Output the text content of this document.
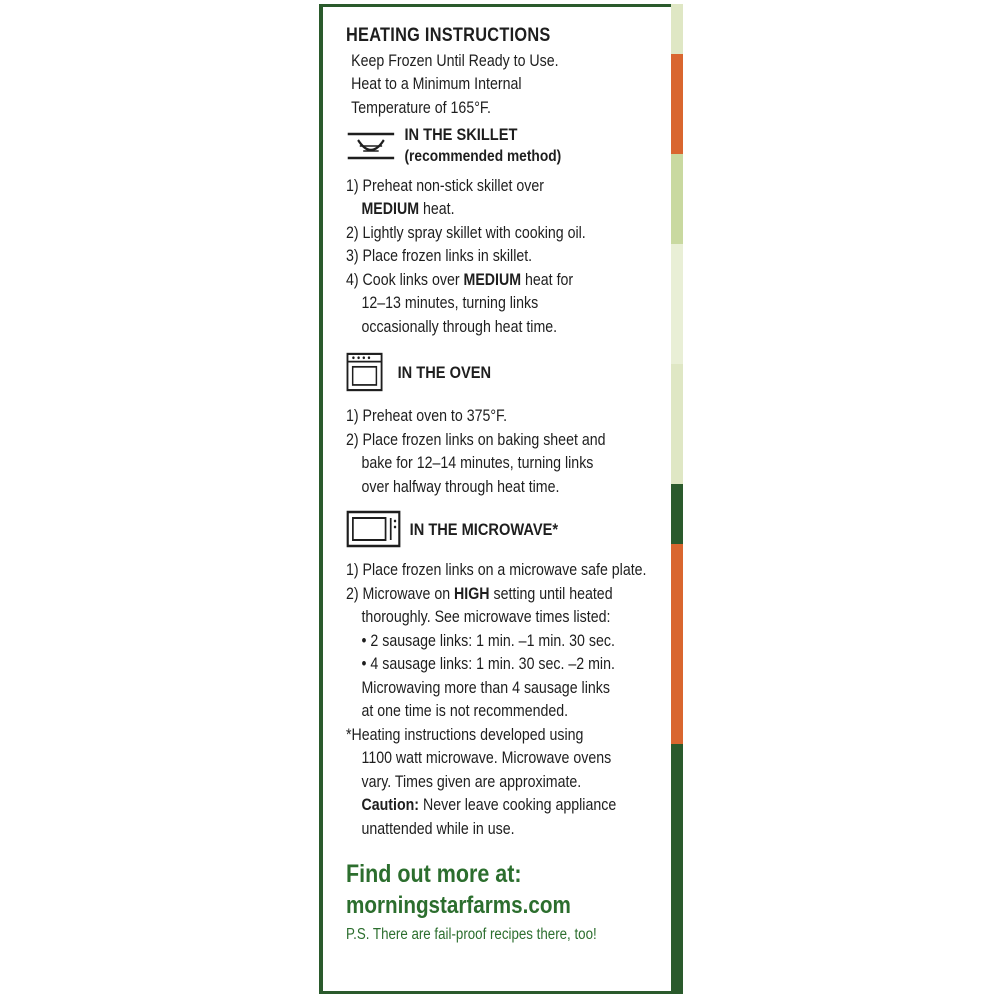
HEATING INSTRUCTIONS
Keep Frozen Until Ready to Use.
Heat to a Minimum Internal
Temperature of 165°F.
IN THE SKILLET
(recommended method)
1) Preheat non-stick skillet over
MEDIUM heat.
2) Lightly spray skillet with cooking oil.
3) Place frozen links in skillet.
4) Cook links over MEDIUM heat for
12–13 minutes, turning links
occasionally through heat time.
IN THE OVEN
1) Preheat oven to 375°F.
2) Place frozen links on baking sheet and
bake for 12–14 minutes, turning links
over halfway through heat time.
IN THE MICROWAVE*
1) Place frozen links on a microwave safe plate.
2) Microwave on HIGH setting until heated
thoroughly. See microwave times listed:
• 2 sausage links: 1 min. –1 min. 30 sec.
• 4 sausage links: 1 min. 30 sec. –2 min.
Microwaving more than 4 sausage links
at one time is not recommended.
*Heating instructions developed using
1100 watt microwave. Microwave ovens
vary. Times given are approximate.
Caution: Never leave cooking appliance
unattended while in use.
Find out more at:
morningstarfarms.com
P.S. There are fail-proof recipes there, too!
